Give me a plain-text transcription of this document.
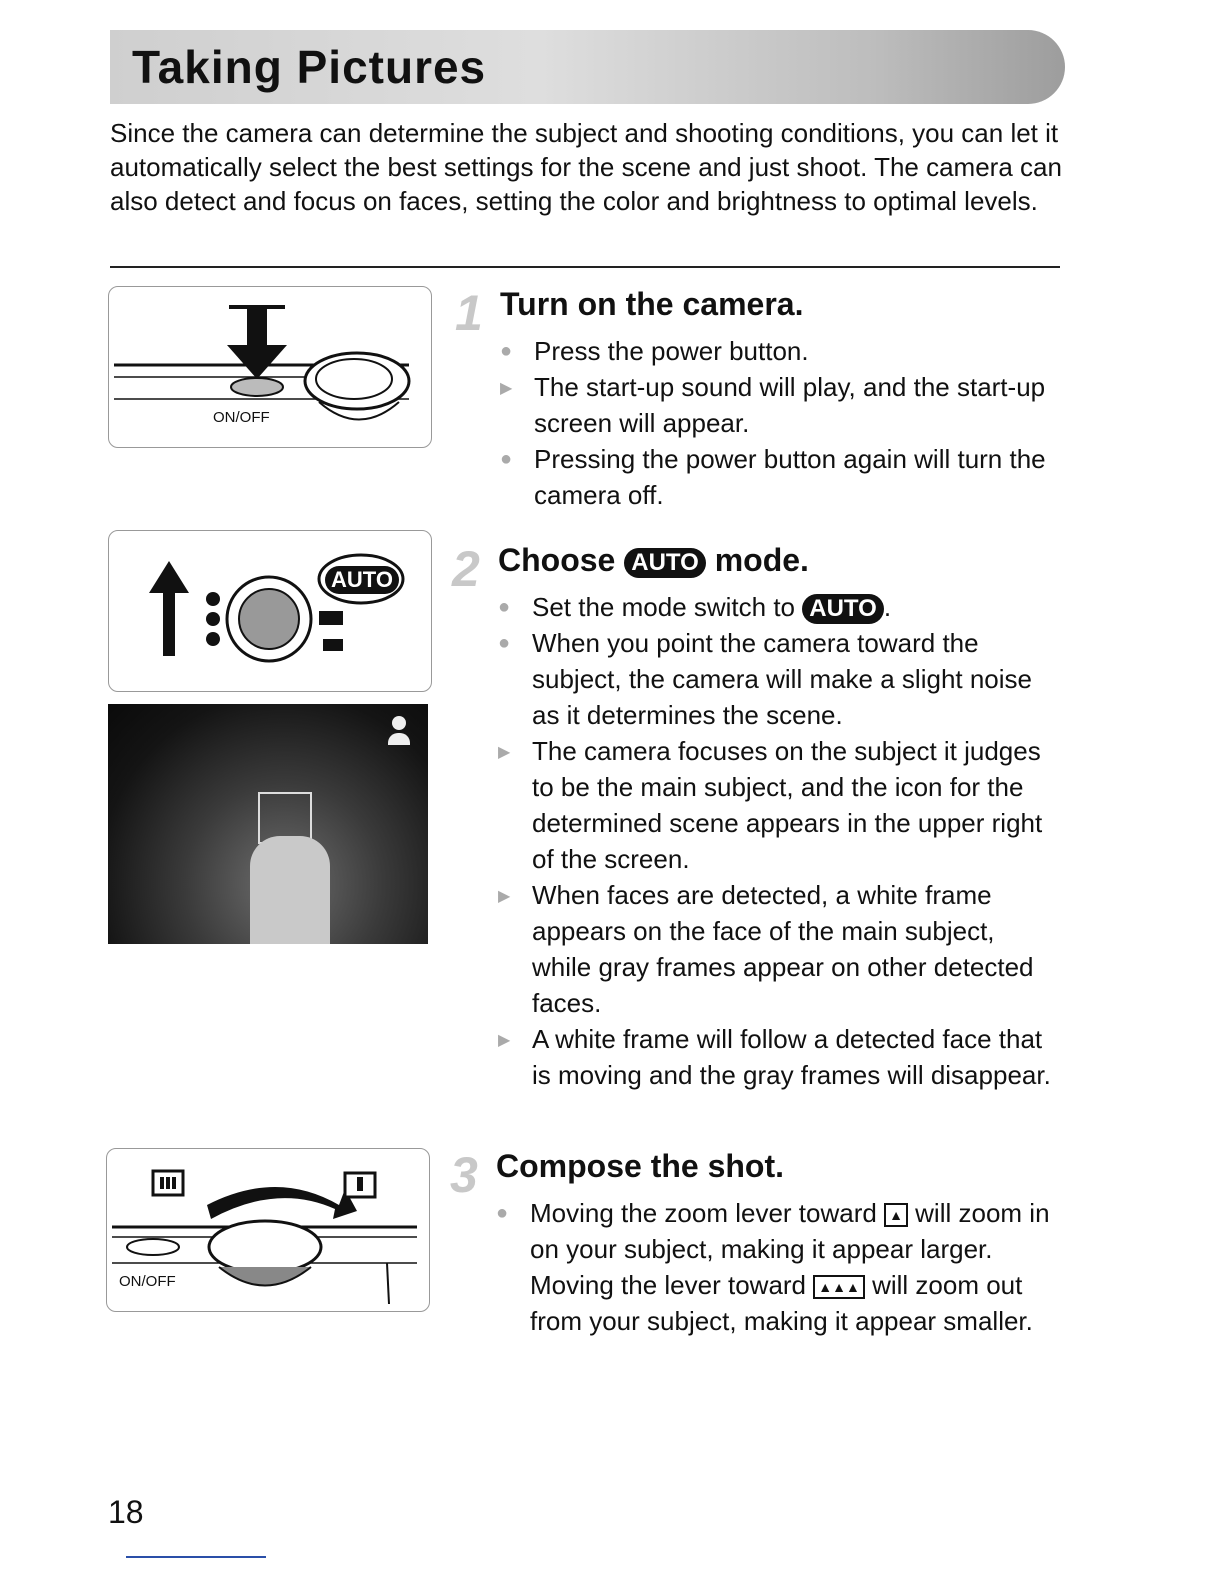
Taking Pictures

Since the camera can determine the subject and shooting conditions, you can let it automatically select the best settings for the scene and just shoot. The camera can also detect and focus on faces, setting the color and brightness to optimal levels.

ON/OFF
AUTO
ON/OFF
1 Turn on the camera.
●
Press the power button.
▶
The start-up sound will play, and the start-up screen will appear.
●
Pressing the power button again will turn the camera off.
2 Choose AUTO mode.
●
Set the mode switch to AUTO .
●
When you point the camera toward the subject, the camera will make a slight noise as it determines the scene.
▶
The camera focuses on the subject it judges to be the main subject, and the icon for the determined scene appears in the upper right of the screen.
▶
When faces are detected, a white frame appears on the face of the main subject, while gray frames appear on other detected faces.
▶
A white frame will follow a detected face that is moving and the gray frames will disappear.
3 Compose the shot.
●
Moving the zoom lever toward ▲ will zoom in on your subject, making it appear larger. Moving the lever toward ▲▲▲ will zoom out from your subject, making it appear smaller.
18
